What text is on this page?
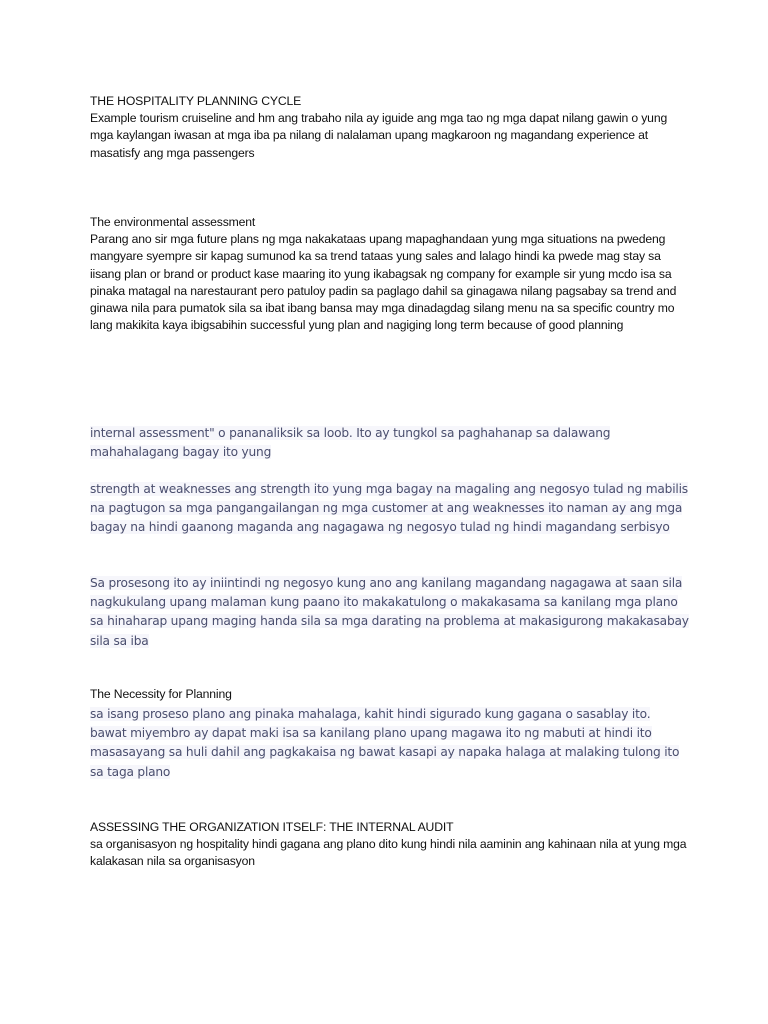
THE HOSPITALITY PLANNING CYCLE

Example tourism cruiseline and hm ang trabaho nila ay iguide ang mga tao ng mga dapat nilang gawin o yung mga kaylangan iwasan at mga iba pa nilang di nalalaman upang magkaroon ng magandang experience at masatisfy ang mga passengers

The environmental assessment

Parang ano sir mga future plans ng mga nakakataas upang mapaghandaan yung mga situations na pwedeng mangyare syempre sir kapag sumunod ka sa trend tataas yung sales and lalago hindi ka pwede mag stay sa iisang plan or brand or product kase maaring ito yung ikabagsak ng company for example sir yung mcdo isa sa pinaka matagal na narestaurant pero patuloy padin sa paglago dahil sa ginagawa nilang pagsabay sa trend and ginawa nila para pumatok sila sa ibat ibang bansa may mga dinadagdag silang menu na sa specific country mo lang makikita kaya ibigsabihin successful yung plan and nagiging long term because of good planning

internal assessment" o pananaliksik sa loob. Ito ay tungkol sa paghahanap sa dalawang mahahalagang bagay ito yung
strength at weaknesses ang strength ito yung mga bagay na magaling ang negosyo tulad ng mabilis na pagtugon sa mga pangangailangan ng mga customer at ang weaknesses ito naman ay ang mga bagay na hindi gaanong maganda ang nagagawa ng negosyo tulad ng hindi magandang serbisyo
Sa prosesong ito ay iniintindi ng negosyo kung ano ang kanilang magandang nagagawa at saan sila nagkukulang upang malaman kung paano ito makakatulong o makakasama sa kanilang mga plano sa hinaharap upang maging handa sila sa mga darating na problema at makasigurong makakasabay sila sa iba

The Necessity for Planning

sa isang proseso plano ang pinaka mahalaga, kahit hindi sigurado kung gagana o sasablay ito. bawat miyembro ay dapat maki isa sa kanilang plano upang magawa ito ng mabuti at hindi ito masasayang sa huli dahil ang pagkakaisa ng bawat kasapi ay napaka halaga at malaking tulong ito sa taga plano

ASSESSING THE ORGANIZATION ITSELF: THE INTERNAL AUDIT

sa organisasyon ng hospitality hindi gagana ang plano dito kung hindi nila aaminin ang kahinaan nila at yung mga kalakasan nila sa organisasyon
